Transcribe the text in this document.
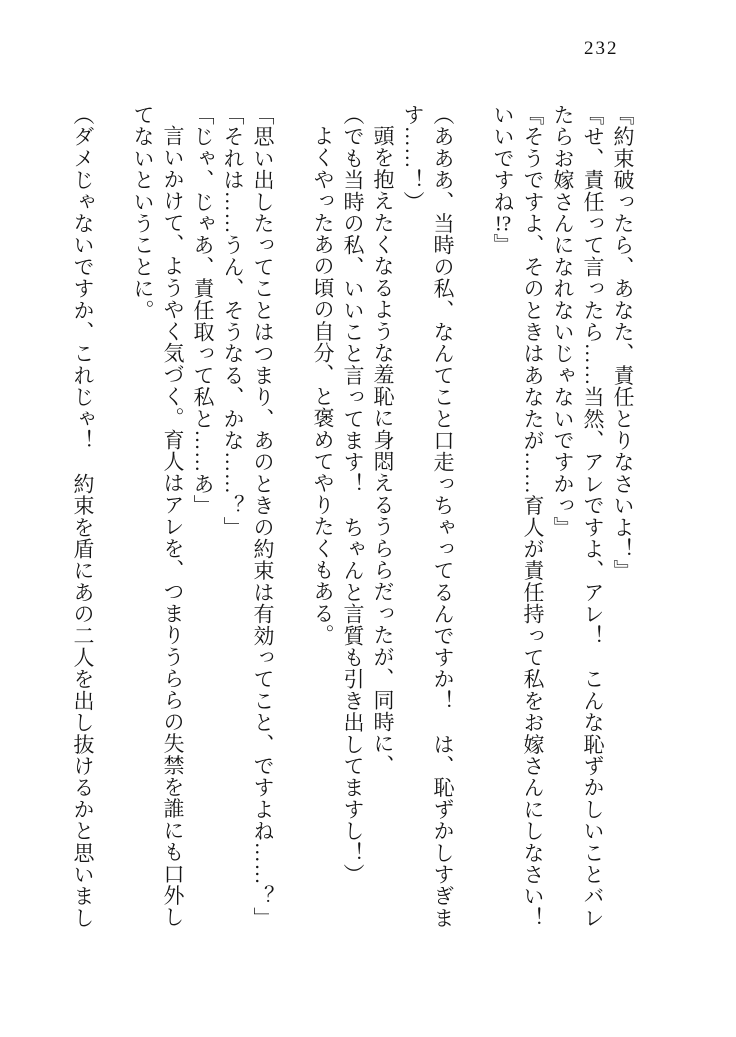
232

『約束破ったら、あなた、責任とりなさいよ！』

『せ、責任って言ったら……当然、アレですよ、アレ！　こんな恥ずかしいことバレ

たらお嫁さんになれないじゃないですかっ』

『そうですよ、そのときはあなたが……育人が責任持って私をお嫁さんにしなさい！

いいですね!?』

（あああ、当時の私、なんてこと口走っちゃってるんですか！　は、恥ずかしすぎま

す……！）

頭を抱えたくなるような羞恥に身悶えるうららだったが、同時に、

（でも当時の私、いいこと言ってます！　ちゃんと言質も引き出してますし！）

よくやったあの頃の自分、と褒めてやりたくもある。

「思い出したってことはつまり、あのときの約束は有効ってこと、ですよね……？」

「それは……うん、そうなる、かな……？」

「じゃ、じゃあ、責任取って私と……あ」

言いかけて、ようやく気づく。育人はアレを、つまりうららの失禁を誰にも口外し

てないということに。

（ダメじゃないですか、これじゃ！　約束を盾にあの二人を出し抜けるかと思いまし
